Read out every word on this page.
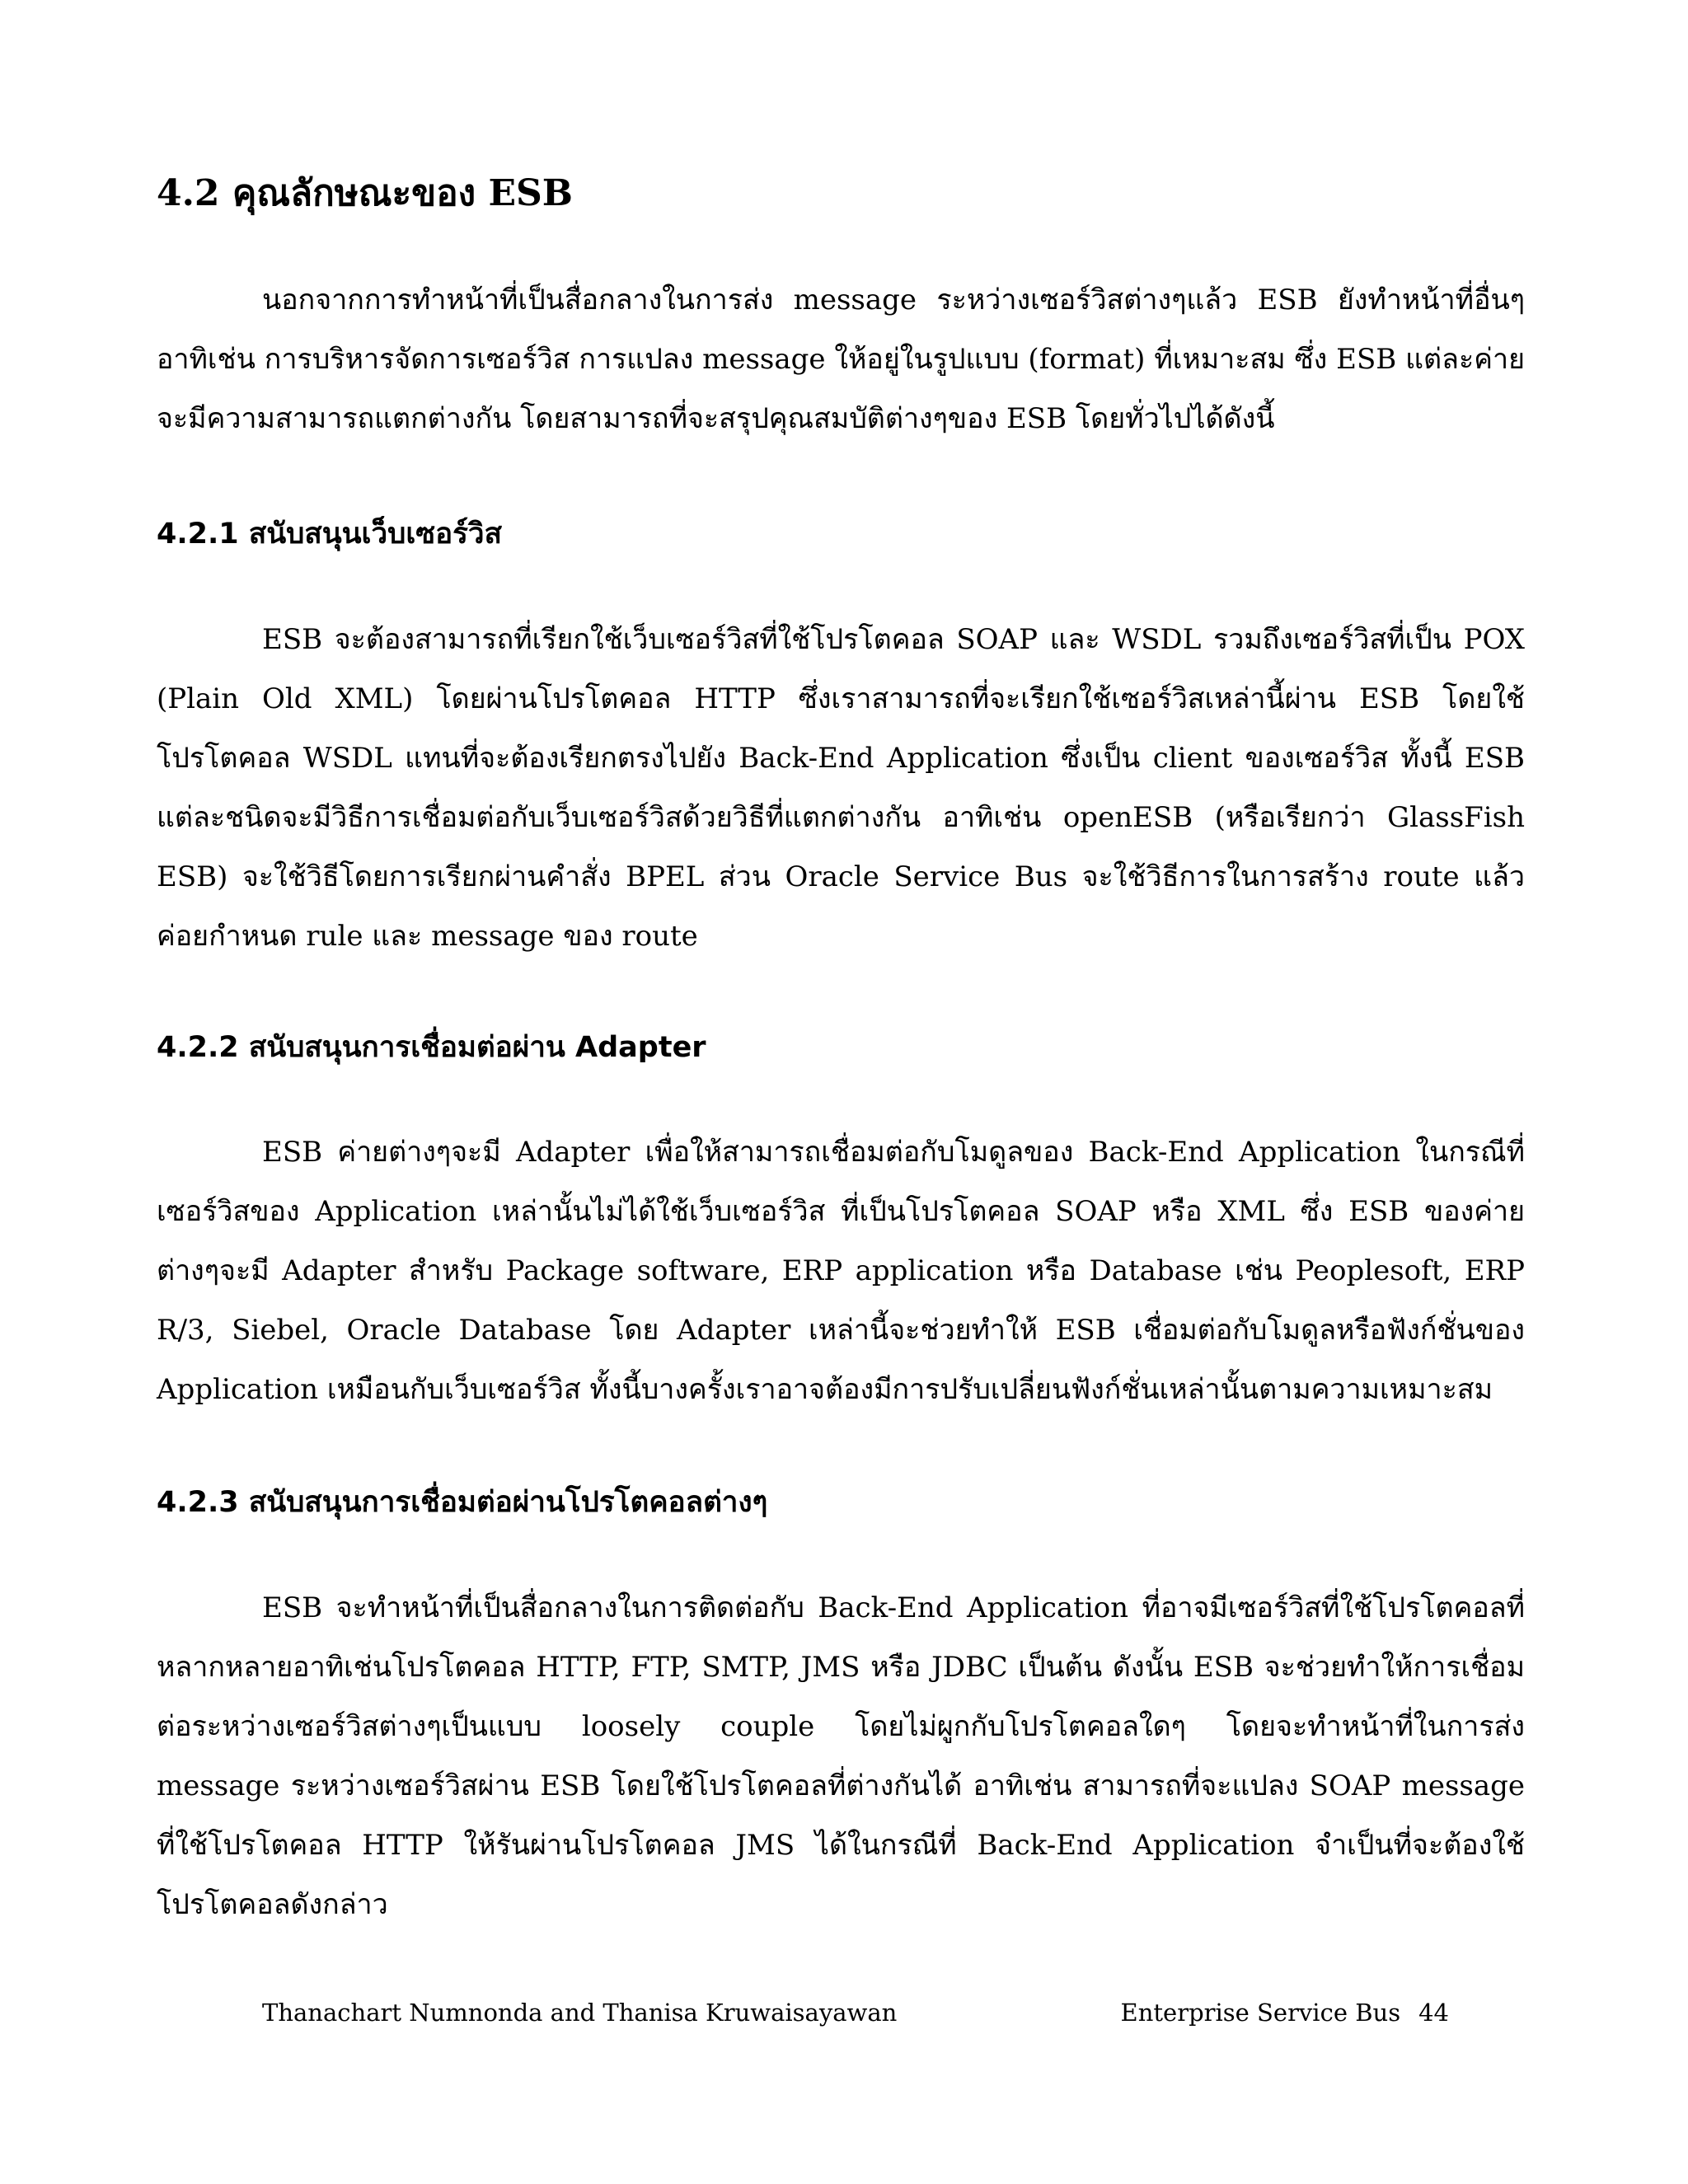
4.2 คุณลักษณะของ ESB

นอกจากการทำหน้าที่เป็นสื่อกลางในการส่ง message ระหว่างเซอร์วิสต่างๆแล้ว ESB ยังทำหน้าที่อื่นๆอาทิเช่น การบริหารจัดการเซอร์วิส การแปลง message ให้อยู่ในรูปแบบ (format) ที่เหมาะสม ซึ่ง ESB แต่ละค่ายจะมีความสามารถแตกต่างกัน โดยสามารถที่จะสรุปคุณสมบัติต่างๆของ ESB โดยทั่วไปได้ดังนี้

4.2.1 สนับสนุนเว็บเซอร์วิส

ESB จะต้องสามารถที่เรียกใช้เว็บเซอร์วิสที่ใช้โปรโตคอล SOAP และ WSDL รวมถึงเซอร์วิสที่เป็น POX (Plain Old XML) โดยผ่านโปรโตคอล HTTP ซึ่งเราสามารถที่จะเรียกใช้เซอร์วิสเหล่านี้ผ่าน ESB โดยใช้โปรโตคอล WSDL แทนที่จะต้องเรียกตรงไปยัง Back-End Application ซึ่งเป็น client ของเซอร์วิส ทั้งนี้ ESB แต่ละชนิดจะมีวิธีการเชื่อมต่อกับเว็บเซอร์วิสด้วยวิธีที่แตกต่างกัน อาทิเช่น openESB (หรือเรียกว่า GlassFish ESB) จะใช้วิธีโดยการเรียกผ่านคำสั่ง BPEL ส่วน Oracle Service Bus จะใช้วิธีการในการสร้าง route แล้วค่อยกำหนด rule และ message ของ route

4.2.2 สนับสนุนการเชื่อมต่อผ่าน Adapter

ESB ค่ายต่างๆจะมี Adapter เพื่อให้สามารถเชื่อมต่อกับโมดูลของ Back-End Application ในกรณีที่เซอร์วิสของ Application เหล่านั้นไม่ได้ใช้เว็บเซอร์วิส ที่เป็นโปรโตคอล SOAP หรือ XML ซึ่ง ESB ของค่ายต่างๆจะมี Adapter สำหรับ Package software, ERP application หรือ Database เช่น Peoplesoft, ERP R/3, Siebel, Oracle Database โดย Adapter เหล่านี้จะช่วยทำให้ ESB เชื่อมต่อกับโมดูลหรือฟังก์ชั่นของ Application เหมือนกับเว็บเซอร์วิส ทั้งนี้บางครั้งเราอาจต้องมีการปรับเปลี่ยนฟังก์ชั่นเหล่านั้นตามความเหมาะสม

4.2.3 สนับสนุนการเชื่อมต่อผ่านโปรโตคอลต่างๆ

ESB จะทำหน้าที่เป็นสื่อกลางในการติดต่อกับ Back-End Application ที่อาจมีเซอร์วิสที่ใช้โปรโตคอลที่หลากหลายอาทิเช่นโปรโตคอล HTTP, FTP, SMTP, JMS หรือ JDBC เป็นต้น ดังนั้น ESB จะช่วยทำให้การเชื่อมต่อระหว่างเซอร์วิสต่างๆเป็นแบบ loosely couple โดยไม่ผูกกับโปรโตคอลใดๆ โดยจะทำหน้าที่ในการส่ง message ระหว่างเซอร์วิสผ่าน ESB โดยใช้โปรโตคอลที่ต่างกันได้ อาทิเช่น สามารถที่จะแปลง SOAP message ที่ใช้โปรโตคอล HTTP ให้รันผ่านโปรโตคอล JMS ได้ในกรณีที่ Back-End Application จำเป็นที่จะต้องใช้โปรโตคอลดังกล่าว

Thanachart Numnonda and Thanisa Kruwaisayawan	Enterprise Service Bus 44
